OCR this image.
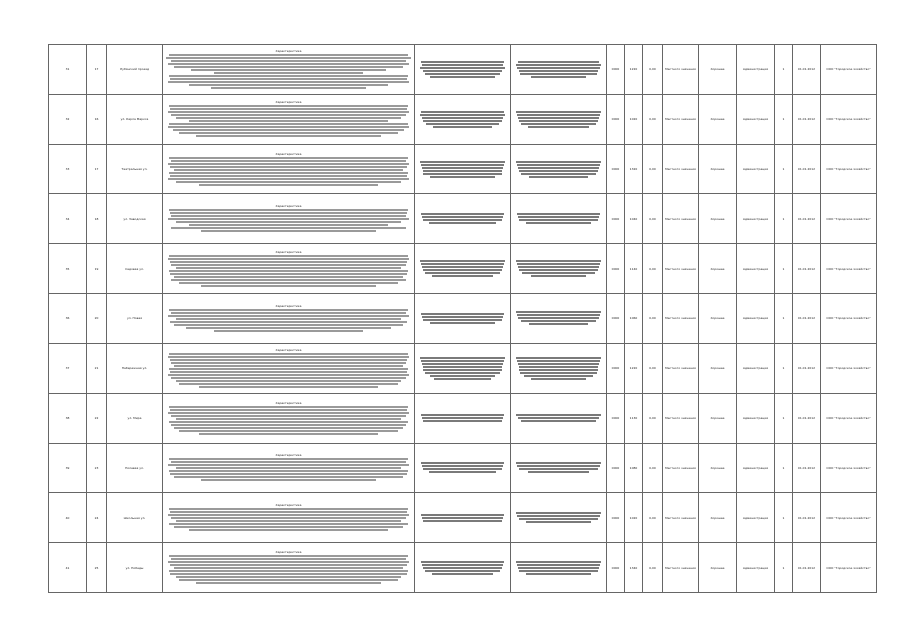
31	17	Лубянский проезд	Характеристика			0000	1220	0,00	Местного значения	Хорошее	Администрация	1	01.01.2012	ООО "Городское хозяйство"
32	16	ул. Карла Маркса	Характеристика			0000	1020	0,00	Местного значения	Хорошее	Администрация	1	01.01.2012	ООО "Городское хозяйство"
33	17	Театральная ул.	Характеристика			0000	1320	0,00	Местного значения	Хорошее	Администрация	1	01.01.2012	ООО "Городское хозяйство"
34	18	ул. Заводская	Характеристика			0000	1040	0,00	Местного значения	Хорошее	Администрация	1	01.01.2012	ООО "Городское хозяйство"
35	19	Садовая ул.	Характеристика			0000	1140	0,00	Местного значения	Хорошее	Администрация	1	01.01.2012	ООО "Городское хозяйство"
36	20	ул. Новая	Характеристика			0000	1060	0,00	Местного значения	Хорошее	Администрация	1	01.01.2012	ООО "Городское хозяйство"
37	21	Набережная ул.	Характеристика			0000	1220	0,00	Местного значения	Хорошее	Администрация	1	01.01.2012	ООО "Городское хозяйство"
38	22	ул. Мира	Характеристика			0000	1130	0,00	Местного значения	Хорошее	Администрация	1	01.01.2012	ООО "Городское хозяйство"
39	23	Полевая ул.	Характеристика			0000	1080	0,00	Местного значения	Хорошее	Администрация	1	01.01.2012	ООО "Городское хозяйство"
40	24	Школьная ул.	Характеристика			0000	1020	0,00	Местного значения	Хорошее	Администрация	1	01.01.2012	ООО "Городское хозяйство"
41	25	ул. Победы	Характеристика			0000	1340	0,00	Местного значения	Хорошее	Администрация	1	01.01.2012	ООО "Городское хозяйство"
